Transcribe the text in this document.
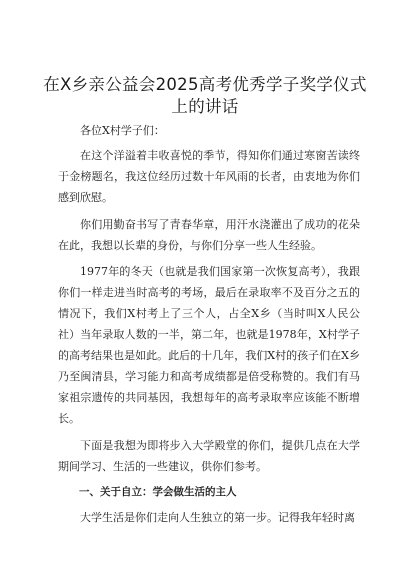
在X乡亲公益会2025高考优秀学子奖学仪式上的讲话

各位X村学子们：

在这个洋溢着丰收喜悦的季节，得知你们通过寒窗苦读终于金榜题名，我这位经历过数十年风雨的长者，由衷地为你们感到欣慰。

你们用勤奋书写了青春华章，用汗水浇灌出了成功的花朵在此，我想以长辈的身份，与你们分享一些人生经验。

1977年的冬天（也就是我们国家第一次恢复高考），我跟你们一样走进当时高考的考场，最后在录取率不及百分之五的情况下，我们X村考上了三个人，占全X乡（当时叫X人民公社）当年录取人数的一半，第二年，也就是1978年，X村学子的高考结果也是如此。此后的十几年，我们X村的孩子们在X乡乃至闽清县，学习能力和高考成绩都是倍受称赞的。我们有马家祖宗遗传的共同基因，我想每年的高考录取率应该能不断增长。

下面是我想为即将步入大学殿堂的你们，提供几点在大学期间学习、生活的一些建议，供你们参考。

一、关于自立：学会做生活的主人

大学生活是你们走向人生独立的第一步。记得我年轻时离
